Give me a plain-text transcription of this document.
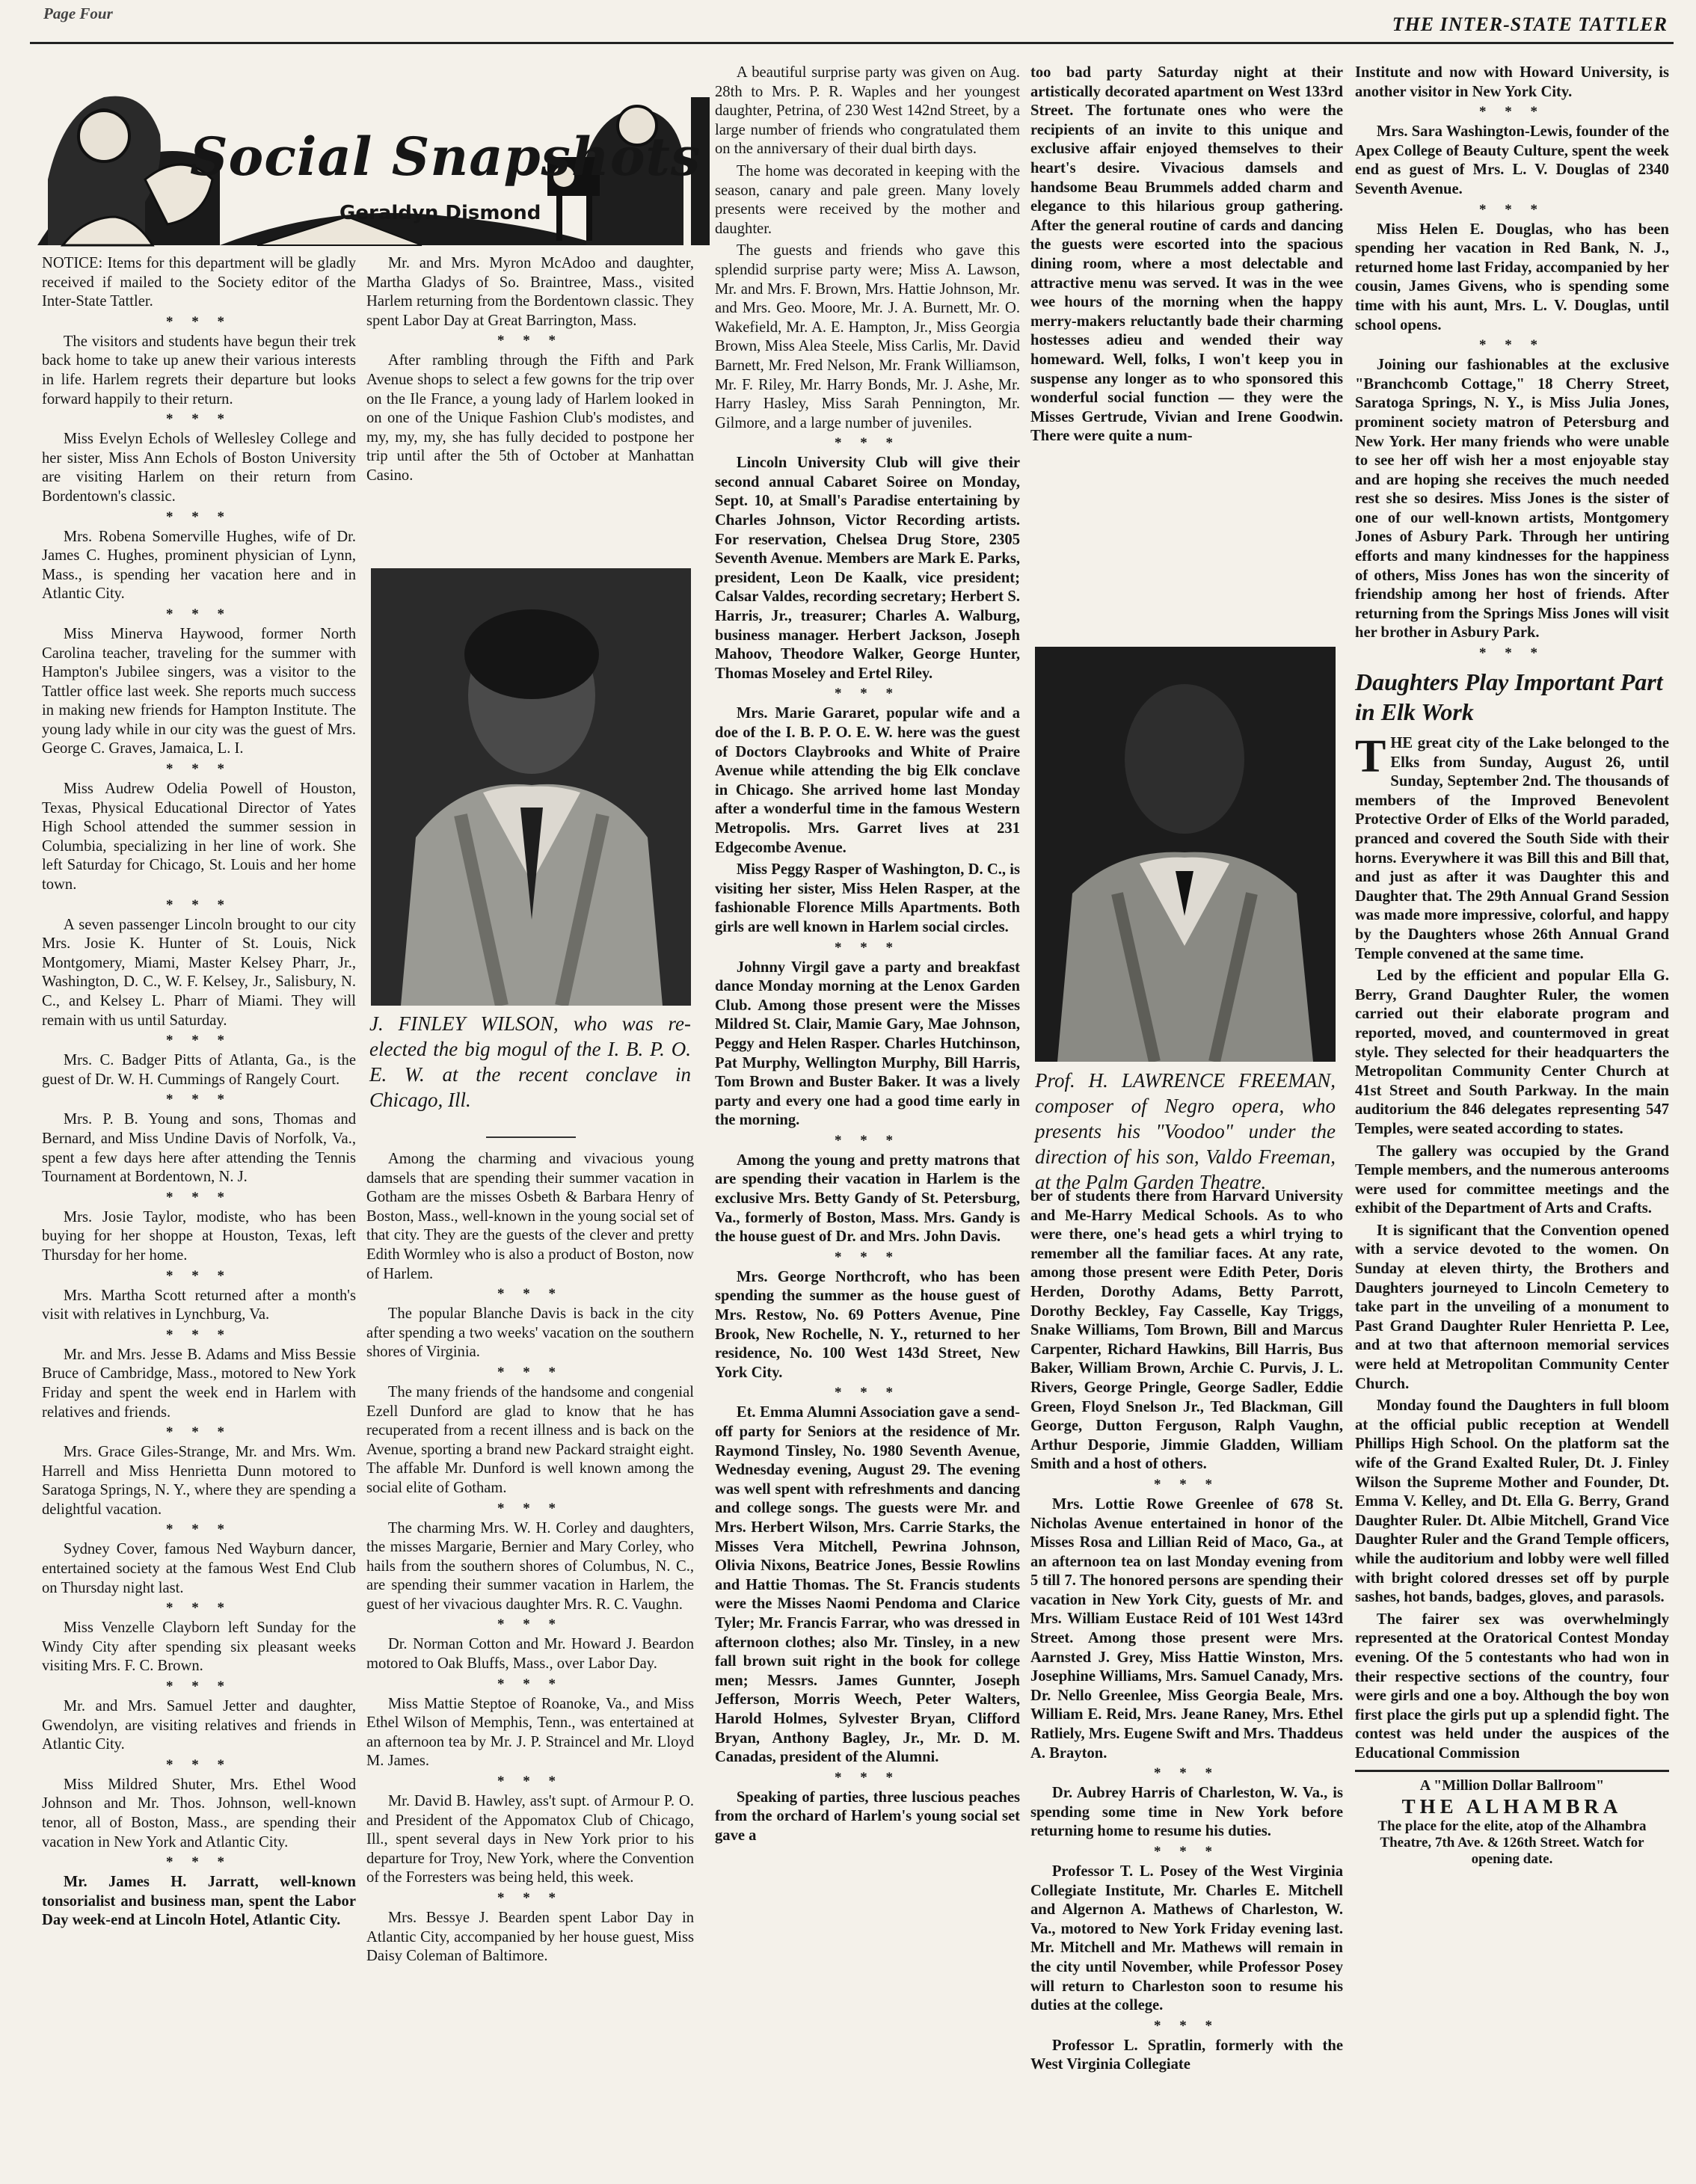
Page Four	THE INTER-STATE TATTLER
Social Snapshots
Geraldyn Dismond

NOTICE: Items for this department will be gladly received if mailed to the Society editor of the Inter-State Tattler.

* * *

The visitors and students have begun their trek back home to take up anew their various interests in life. Harlem regrets their departure but looks forward happily to their return.

* * *

Miss Evelyn Echols of Wellesley College and her sister, Miss Ann Echols of Boston University are visiting Harlem on their return from Bordentown's classic.

* * *

Mrs. Robena Somerville Hughes, wife of Dr. James C. Hughes, prominent physician of Lynn, Mass., is spending her vacation here and in Atlantic City.

* * *

Miss Minerva Haywood, former North Carolina teacher, traveling for the summer with Hampton's Jubilee singers, was a visitor to the Tattler office last week. She reports much success in making new friends for Hampton Institute. The young lady while in our city was the guest of Mrs. George C. Graves, Jamaica, L. I.

* * *

Miss Audrew Odelia Powell of Houston, Texas, Physical Educational Director of Yates High School attended the summer session in Columbia, specializing in her line of work. She left Saturday for Chicago, St. Louis and her home town.

* * *

A seven passenger Lincoln brought to our city Mrs. Josie K. Hunter of St. Louis, Nick Montgomery, Miami, Master Kelsey Pharr, Jr., Washington, D. C., W. F. Kelsey, Jr., Salisbury, N. C., and Kelsey L. Pharr of Miami. They will remain with us until Saturday.

* * *

Mrs. C. Badger Pitts of Atlanta, Ga., is the guest of Dr. W. H. Cummings of Rangely Court.

* * *

Mrs. P. B. Young and sons, Thomas and Bernard, and Miss Undine Davis of Norfolk, Va., spent a few days here after attending the Tennis Tournament at Bordentown, N. J.

* * *

Mrs. Josie Taylor, modiste, who has been buying for her shoppe at Houston, Texas, left Thursday for her home.

* * *

Mrs. Martha Scott returned after a month's visit with relatives in Lynchburg, Va.

* * *

Mr. and Mrs. Jesse B. Adams and Miss Bessie Bruce of Cambridge, Mass., motored to New York Friday and spent the week end in Harlem with relatives and friends.

* * *

Mrs. Grace Giles-Strange, Mr. and Mrs. Wm. Harrell and Miss Henrietta Dunn motored to Saratoga Springs, N. Y., where they are spending a delightful vacation.

* * *

Sydney Cover, famous Ned Wayburn dancer, entertained society at the famous West End Club on Thursday night last.

* * *

Miss Venzelle Clayborn left Sunday for the Windy City after spending six pleasant weeks visiting Mrs. F. C. Brown.

* * *

Mr. and Mrs. Samuel Jetter and daughter, Gwendolyn, are visiting relatives and friends in Atlantic City.

* * *

Miss Mildred Shuter, Mrs. Ethel Wood Johnson and Mr. Thos. Johnson, well-known tenor, all of Boston, Mass., are spending their vacation in New York and Atlantic City.

* * *

Mr. James H. Jarratt, well-known tonsorialist and business man, spent the Labor Day week-end at Lincoln Hotel, Atlantic City.

Mr. and Mrs. Myron McAdoo and daughter, Martha Gladys of So. Braintree, Mass., visited Harlem returning from the Bordentown classic. They spent Labor Day at Great Barrington, Mass.

* * *

After rambling through the Fifth and Park Avenue shops to select a few gowns for the trip over on the Ile France, a young lady of Harlem looked in on one of the Unique Fashion Club's modistes, and my, my, my, she has fully decided to postpone her trip until after the 5th of October at Manhattan Casino.

J. FINLEY WILSON, who was re-elected the big mogul of the I. B. P. O. E. W. at the recent conclave in Chicago, Ill.

Among the charming and vivacious young damsels that are spending their summer vacation in Gotham are the misses Osbeth & Barbara Henry of Boston, Mass., well-known in the young social set of that city. They are the guests of the clever and pretty Edith Wormley who is also a product of Boston, now of Harlem.

* * *

The popular Blanche Davis is back in the city after spending a two weeks' vacation on the southern shores of Virginia.

* * *

The many friends of the handsome and congenial Ezell Dunford are glad to know that he has recuperated from a recent illness and is back on the Avenue, sporting a brand new Packard straight eight. The affable Mr. Dunford is well known among the social elite of Gotham.

* * *

The charming Mrs. W. H. Corley and daughters, the misses Margarie, Bernier and Mary Corley, who hails from the southern shores of Columbus, N. C., are spending their summer vacation in Harlem, the guest of her vivacious daughter Mrs. R. C. Vaughn.

* * *

Dr. Norman Cotton and Mr. Howard J. Beardon motored to Oak Bluffs, Mass., over Labor Day.

* * *

Miss Mattie Steptoe of Roanoke, Va., and Miss Ethel Wilson of Memphis, Tenn., was entertained at an afternoon tea by Mr. J. P. Straincel and Mr. Lloyd M. James.

* * *

Mr. David B. Hawley, ass't supt. of Armour P. O. and President of the Appomatox Club of Chicago, Ill., spent several days in New York prior to his departure for Troy, New York, where the Convention of the Forresters was being held, this week.

* * *

Mrs. Bessye J. Bearden spent Labor Day in Atlantic City, accompanied by her house guest, Miss Daisy Coleman of Baltimore.

A beautiful surprise party was given on Aug. 28th to Mrs. P. R. Waples and her youngest daughter, Petrina, of 230 West 142nd Street, by a large number of friends who congratulated them on the anniversary of their dual birth days.

The home was decorated in keeping with the season, canary and pale green. Many lovely presents were received by the mother and daughter.

The guests and friends who gave this splendid surprise party were; Miss A. Lawson, Mr. and Mrs. F. Brown, Mrs. Hattie Johnson, Mr. and Mrs. Geo. Moore, Mr. J. A. Burnett, Mr. O. Wakefield, Mr. A. E. Hampton, Jr., Miss Georgia Brown, Miss Alea Steele, Miss Carlis, Mr. David Barnett, Mr. Fred Nelson, Mr. Frank Williamson, Mr. F. Riley, Mr. Harry Bonds, Mr. J. Ashe, Mr. Harry Hasley, Miss Sarah Pennington, Mr. Gilmore, and a large number of juveniles.

* * *

Lincoln University Club will give their second annual Cabaret Soiree on Monday, Sept. 10, at Small's Paradise entertaining by Charles Johnson, Victor Recording artists. For reservation, Chelsea Drug Store, 2305 Seventh Avenue. Members are Mark E. Parks, president, Leon De Kaalk, vice president; Calsar Valdes, recording secretary; Herbert S. Harris, Jr., treasurer; Charles A. Walburg, business manager. Herbert Jackson, Joseph Mahoov, Theodore Walker, George Hunter, Thomas Moseley and Ertel Riley.

* * *

Mrs. Marie Gararet, popular wife and a doe of the I. B. P. O. E. W. here was the guest of Doctors Claybrooks and White of Praire Avenue while attending the big Elk conclave in Chicago. She arrived home last Monday after a wonderful time in the famous Western Metropolis. Mrs. Garret lives at 231 Edgecombe Avenue.

Miss Peggy Rasper of Washington, D. C., is visiting her sister, Miss Helen Rasper, at the fashionable Florence Mills Apartments. Both girls are well known in Harlem social circles.

* * *

Johnny Virgil gave a party and breakfast dance Monday morning at the Lenox Garden Club. Among those present were the Misses Mildred St. Clair, Mamie Gary, Mae Johnson, Peggy and Helen Rasper. Charles Hutchinson, Pat Murphy, Wellington Murphy, Bill Harris, Tom Brown and Buster Baker. It was a lively party and every one had a good time early in the morning.

* * *

Among the young and pretty matrons that are spending their vacation in Harlem is the exclusive Mrs. Betty Gandy of St. Petersburg, Va., formerly of Boston, Mass. Mrs. Gandy is the house guest of Dr. and Mrs. John Davis.

* * *

Mrs. George Northcroft, who has been spending the summer as the house guest of Mrs. Restow, No. 69 Potters Avenue, Pine Brook, New Rochelle, N. Y., returned to her residence, No. 100 West 143d Street, New York City.

* * *

Et. Emma Alumni Association gave a send-off party for Seniors at the residence of Mr. Raymond Tinsley, No. 1980 Seventh Avenue, Wednesday evening, August 29. The evening was well spent with refreshments and dancing and college songs. The guests were Mr. and Mrs. Herbert Wilson, Mrs. Carrie Starks, the Misses Vera Mitchell, Pewrina Johnson, Olivia Nixons, Beatrice Jones, Bessie Rowlins and Hattie Thomas. The St. Francis students were the Misses Naomi Pendoma and Clarice Tyler; Mr. Francis Farrar, who was dressed in afternoon clothes; also Mr. Tinsley, in a new fall brown suit right in the book for college men; Messrs. James Gunnter, Joseph Jefferson, Morris Weech, Peter Walters, Harold Holmes, Sylvester Bryan, Clifford Bryan, Anthony Bagley, Jr., Mr. D. M. Canadas, president of the Alumni.

* * *

Speaking of parties, three luscious peaches from the orchard of Harlem's young social set gave a

too bad party Saturday night at their artistically decorated apartment on West 133rd Street. The fortunate ones who were the recipients of an invite to this unique and exclusive affair enjoyed themselves to their heart's desire. Vivacious damsels and handsome Beau Brummels added charm and elegance to this hilarious group gathering. After the general routine of cards and dancing the guests were escorted into the spacious dining room, where a most delectable and attractive menu was served. It was in the wee wee hours of the morning when the happy merry-makers reluctantly bade their charming hostesses adieu and wended their way homeward. Well, folks, I won't keep you in suspense any longer as to who sponsored this wonderful social function — they were the Misses Gertrude, Vivian and Irene Goodwin. There were quite a num-

Prof. H. LAWRENCE FREEMAN, composer of Negro opera, who presents his "Voodoo" under the direction of his son, Valdo Freeman, at the Palm Garden Theatre.

ber of students there from Harvard University and Me-Harry Medical Schools. As to who were there, one's head gets a whirl trying to remember all the familiar faces. At any rate, among those present were Edith Peter, Doris Herden, Dorothy Adams, Betty Parrott, Dorothy Beckley, Fay Casselle, Kay Triggs, Snake Williams, Tom Brown, Bill and Marcus Carpenter, Richard Hawkins, Bill Harris, Bus Baker, William Brown, Archie C. Purvis, J. L. Rivers, George Pringle, George Sadler, Eddie Green, Floyd Snelson Jr., Ted Blackman, Gill George, Dutton Ferguson, Ralph Vaughn, Arthur Desporie, Jimmie Gladden, William Smith and a host of others.

* * *

Mrs. Lottie Rowe Greenlee of 678 St. Nicholas Avenue entertained in honor of the Misses Rosa and Lillian Reid of Maco, Ga., at an afternoon tea on last Monday evening from 5 till 7. The honored persons are spending their vacation in New York City, guests of Mr. and Mrs. William Eustace Reid of 101 West 143rd Street. Among those present were Mrs. Aarnsted J. Grey, Miss Hattie Winston, Mrs. Josephine Williams, Mrs. Samuel Canady, Mrs. Dr. Nello Greenlee, Miss Georgia Beale, Mrs. William E. Reid, Mrs. Jeane Raney, Mrs. Ethel Ratliely, Mrs. Eugene Swift and Mrs. Thaddeus A. Brayton.

* * *

Dr. Aubrey Harris of Charleston, W. Va., is spending some time in New York before returning home to resume his duties.

* * *

Professor T. L. Posey of the West Virginia Collegiate Institute, Mr. Charles E. Mitchell and Algernon A. Mathews of Charleston, W. Va., motored to New York Friday evening last. Mr. Mitchell and Mr. Mathews will remain in the city until November, while Professor Posey will return to Charleston soon to resume his duties at the college.

* * *

Professor L. Spratlin, formerly with the West Virginia Collegiate

Institute and now with Howard University, is another visitor in New York City.

* * *

Mrs. Sara Washington-Lewis, founder of the Apex College of Beauty Culture, spent the week end as guest of Mrs. L. V. Douglas of 2340 Seventh Avenue.

* * *

Miss Helen E. Douglas, who has been spending her vacation in Red Bank, N. J., returned home last Friday, accompanied by her cousin, James Givens, who is spending some time with his aunt, Mrs. L. V. Douglas, until school opens.

* * *

Joining our fashionables at the exclusive "Branchcomb Cottage," 18 Cherry Street, Saratoga Springs, N. Y., is Miss Julia Jones, prominent society matron of Petersburg and New York. Her many friends who were unable to see her off wish her a most enjoyable stay and are hoping she receives the much needed rest she so desires. Miss Jones is the sister of one of our well-known artists, Montgomery Jones of Asbury Park. Through her untiring efforts and many kindnesses for the happiness of others, Miss Jones has won the sincerity of friendship among her host of friends. After returning from the Springs Miss Jones will visit her brother in Asbury Park.

* * *
Daughters Play Important Part in Elk Work

THE great city of the Lake belonged to the Elks from Sunday, August 26, until Sunday, September 2nd. The thousands of members of the Improved Benevolent Protective Order of Elks of the World paraded, pranced and covered the South Side with their horns. Everywhere it was Bill this and Bill that, and just as after it was Daughter this and Daughter that. The 29th Annual Grand Session was made more impressive, colorful, and happy by the Daughters whose 26th Annual Grand Temple convened at the same time.

Led by the efficient and popular Ella G. Berry, Grand Daughter Ruler, the women carried out their elaborate program and reported, moved, and countermoved in great style. They selected for their headquarters the Metropolitan Community Center Church at 41st Street and South Parkway. In the main auditorium the 846 delegates representing 547 Temples, were seated according to states.

The gallery was occupied by the Grand Temple members, and the numerous anterooms were used for committee meetings and the exhibit of the Department of Arts and Crafts.

It is significant that the Convention opened with a service devoted to the women. On Sunday at eleven thirty, the Brothers and Daughters journeyed to Lincoln Cemetery to take part in the unveiling of a monument to Past Grand Daughter Ruler Henrietta P. Lee, and at two that afternoon memorial services were held at Metropolitan Community Center Church.

Monday found the Daughters in full bloom at the official public reception at Wendell Phillips High School. On the platform sat the wife of the Grand Exalted Ruler, Dt. J. Finley Wilson the Supreme Mother and Founder, Dt. Emma V. Kelley, and Dt. Ella G. Berry, Grand Daughter Ruler. Dt. Albie Mitchell, Grand Vice Daughter Ruler and the Grand Temple officers, while the auditorium and lobby were well filled with bright colored dresses set off by purple sashes, hot bands, badges, gloves, and parasols.

The fairer sex was overwhelmingly represented at the Oratorical Contest Monday evening. Of the 5 contestants who had won in their respective sections of the country, four were girls and one a boy. Although the boy won first place the girls put up a splendid fight. The contest was held under the auspices of the Educational Commission

A "Million Dollar Ballroom"
THE ALHAMBRA
The place for the elite, atop of the Alhambra Theatre, 7th Ave. & 126th Street. Watch for opening date.
